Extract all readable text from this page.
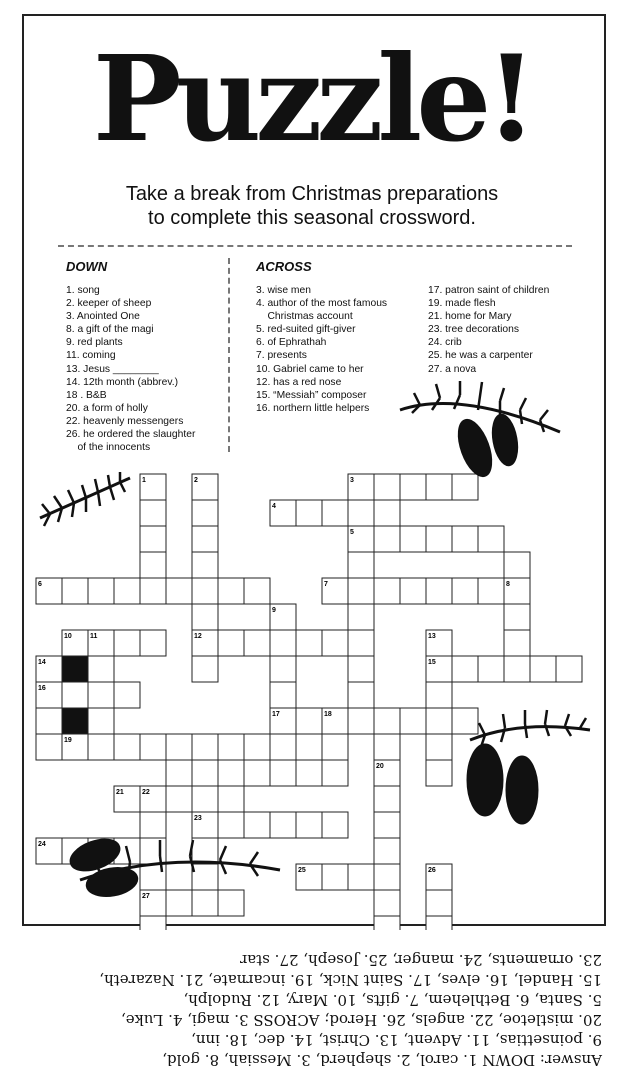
Puzzle!
Take a break from Christmas preparations
to complete this seasonal crossword.
DOWN
1. song
2. keeper of sheep
3. Anointed One
8. a gift of the magi
9. red plants
11. coming
13. Jesus ________
14. 12th month (abbrev.)
18 . B&B
20. a form of holly
22. heavenly messengers
26. he ordered the slaughter
of the innocents
ACROSS
3. wise men
4. author of the most famous
Christmas account
5. red-suited gift-giver
6. of Ephrathah
7. presents
10. Gabriel came to her
12. has a red nose
15. “Messiah” composer
16. northern little helpers
17. patron saint of children
19. made flesh
21. home for Mary
23. tree decorations
24. crib
25. he was a carpenter
27. a nova
1	2
12
3
4
5
6	7	8
9
17
10	11	13
14	15
16
18
19
20
21	22
27
23
24
25	26
Answer: DOWN 1. carol, 2. shepherd, 3. Messiah, 8. gold,
9. poinsettias, 11. Advent, 13. Christ, 14. dec, 18. inn,
20. mistletoe, 22. angels, 26. Herod; ACROSS 3. magi, 4. Luke,
5. Santa, 6. Bethlehem, 7. gifts, 10. Mary, 12. Rudolph,
15. Handel, 16. elves, 17. Saint Nick, 19. incarnate, 21. Nazareth,
23. ornaments, 24. manger, 25. Joseph, 27. star
